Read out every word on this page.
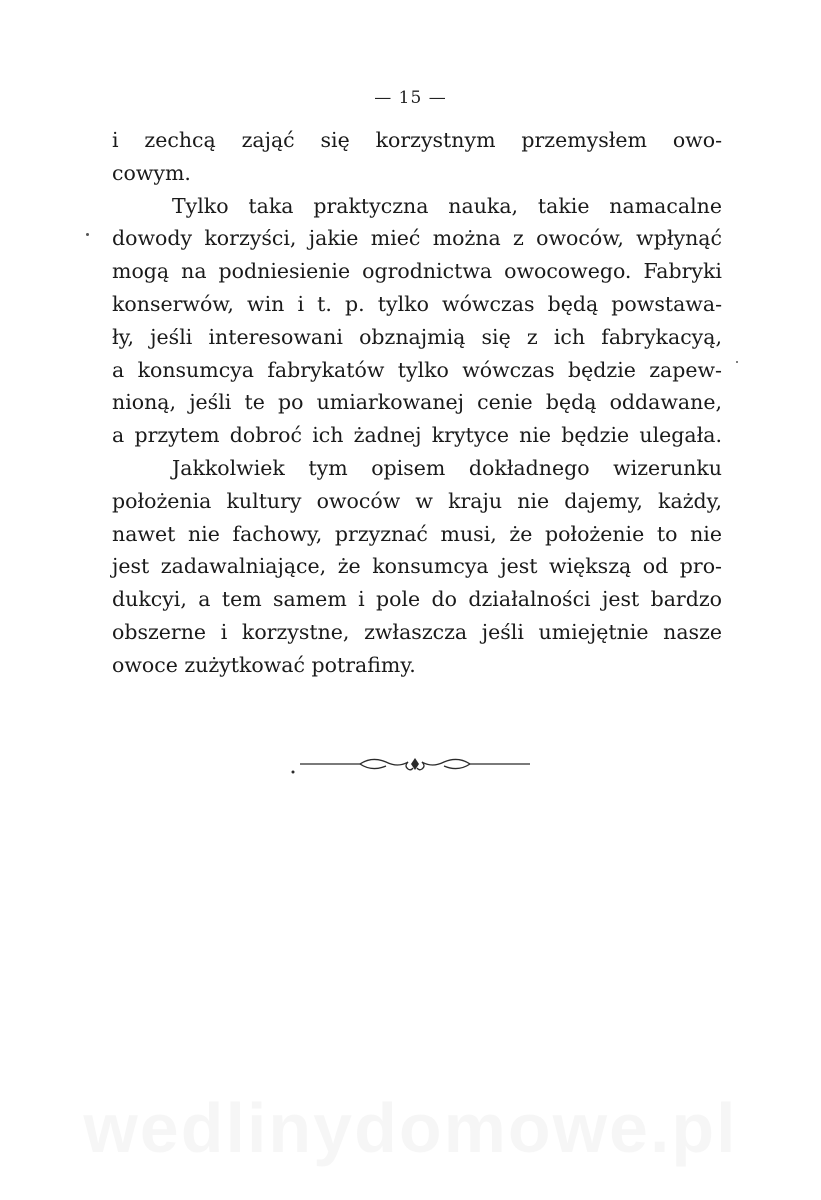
— 15 —
i zechcą zająć się korzystnym przemysłem owo-
cowym.
Tylko taka praktyczna nauka, takie namacalne
dowody korzyści, jakie mieć można z owoców, wpłynąć
mogą na podniesienie ogrodnictwa owocowego. Fabryki
konserwów, win i t. p. tylko wówczas będą powstawa-
ły, jeśli interesowani obznajmią się z ich fabrykacyą,
a konsumcya fabrykatów tylko wówczas będzie zapew-
nioną, jeśli te po umiarkowanej cenie będą oddawane,
a przytem dobroć ich żadnej krytyce nie będzie ulegała.
Jakkolwiek tym opisem dokładnego wizerunku
położenia kultury owoców w kraju nie dajemy, każdy,
nawet nie fachowy, przyznać musi, że położenie to nie
jest zadawalniające, że konsumcya jest większą od pro-
dukcyi, a tem samem i pole do działalności jest bardzo
obszerne i korzystne, zwłaszcza jeśli umiejętnie nasze
owoce zużytkować potrafimy.
